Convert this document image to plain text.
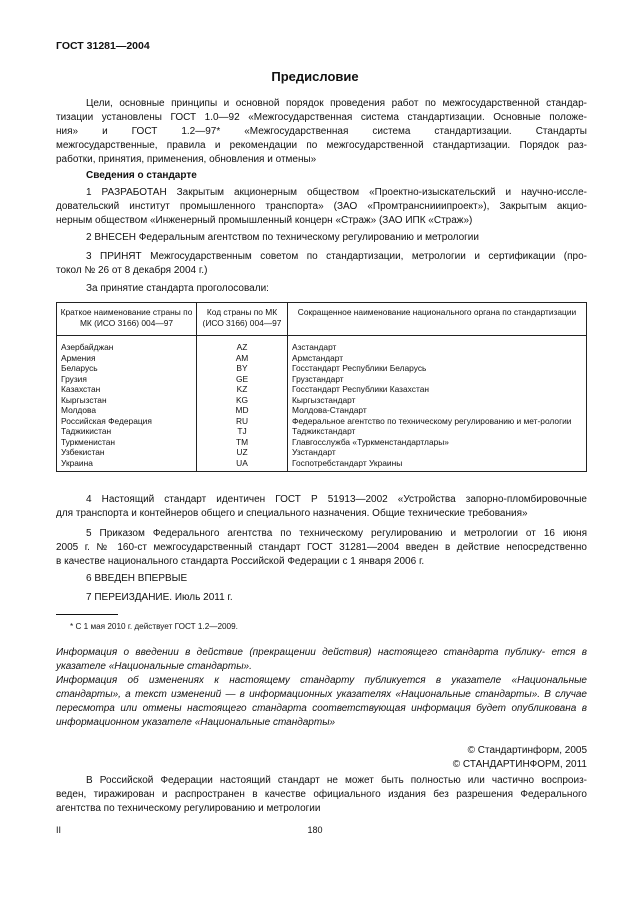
ГОСТ 31281—2004
Предисловие
Цели, основные принципы и основной порядок проведения работ по межгосударственной стандар-
тизации установлены ГОСТ 1.0—92 «Межгосударственная система стандартизации. Основные положе-
ния» и ГОСТ 1.2—97* «Межгосударственная система стандартизации. Стандарты
межгосударственные, правила и рекомендации по межгосударственной стандартизации. Порядок раз-
работки, принятия, применения, обновления и отмены»
Сведения о стандарте
1 РАЗРАБОТАН Закрытым акционерным обществом «Проектно-изыскательский и научно-иссле-
довательский институт промышленного транспорта» (ЗАО «Промтранснииипроект»), Закрытым акцио-
нерным обществом «Инженерный промышленный концерн «Страж» (ЗАО ИПК «Страж»)
2 ВНЕСЕН Федеральным агентством по техническому регулированию и метрологии
3 ПРИНЯТ Межгосударственным советом по стандартизации, метрологии и сертификации (про-
токол № 26 от 8 декабря 2004 г.)
За принятие стандарта проголосовали:
Краткое наименование страны по МК (ИСО 3166) 004—97	Код страны по МК (ИСО 3166) 004—97	Сокращенное наименование национального органа по стандартизации
Азербайджан	AZ	Азстандарт
Армения	AM	Армстандарт
Беларусь	BY	Госстандарт Республики Беларусь
Грузия	GE	Грузстандарт
Казахстан	KZ	Госстандарт Республики Казахстан
Кыргызстан	KG	Кыргызстандарт
Молдова	MD	Молдова-Стандарт
Российская Федерация	RU	Федеральное агентство по техническому регулированию и мет-рологии
Таджикистан	TJ	Таджикстандарт
Туркменистан	TM	Главгосслужба «Туркменстандартлары»
Узбекистан	UZ	Узстандарт
Украина	UA	Госпотребстандарт Украины
4 Настоящий стандарт идентичен ГОСТ Р 51913—2002 «Устройства запорно-пломбировочные
для транспорта и контейнеров общего и специального назначения. Общие технические требования»
5 Приказом Федерального агентства по техническому регулированию и метрологии от 16 июня
2005 г. № 160-ст межгосударственный стандарт ГОСТ 31281—2004 введен в действие непосредственно
в качестве национального стандарта Российской Федерации с 1 января 2006 г.
6 ВВЕДЕН ВПЕРВЫЕ
7 ПЕРЕИЗДАНИЕ. Июль 2011 г.
* С 1 мая 2010 г. действует ГОСТ 1.2—2009.
Информация о введении в действие (прекращении действия) настоящего стандарта публику- ется в указателе «Национальные стандарты».
Информация об изменениях к настоящему стандарту публикуется в указателе «Национальные стандарты», а текст изменений — в информационных указателях «Национальные стандарты». В случае пересмотра или отмены настоящего стандарта соответствующая информация будет опубликована в информационном указателе «Национальные стандарты»
© Стандартинформ, 2005
© СТАНДАРТИНФОРМ, 2011
В Российской Федерации настоящий стандарт не может быть полностью или частично воспроиз-
веден, тиражирован и распространен в качестве официального издания без разрешения Федерального
агентства по техническому регулированию и метрологии
II	180
